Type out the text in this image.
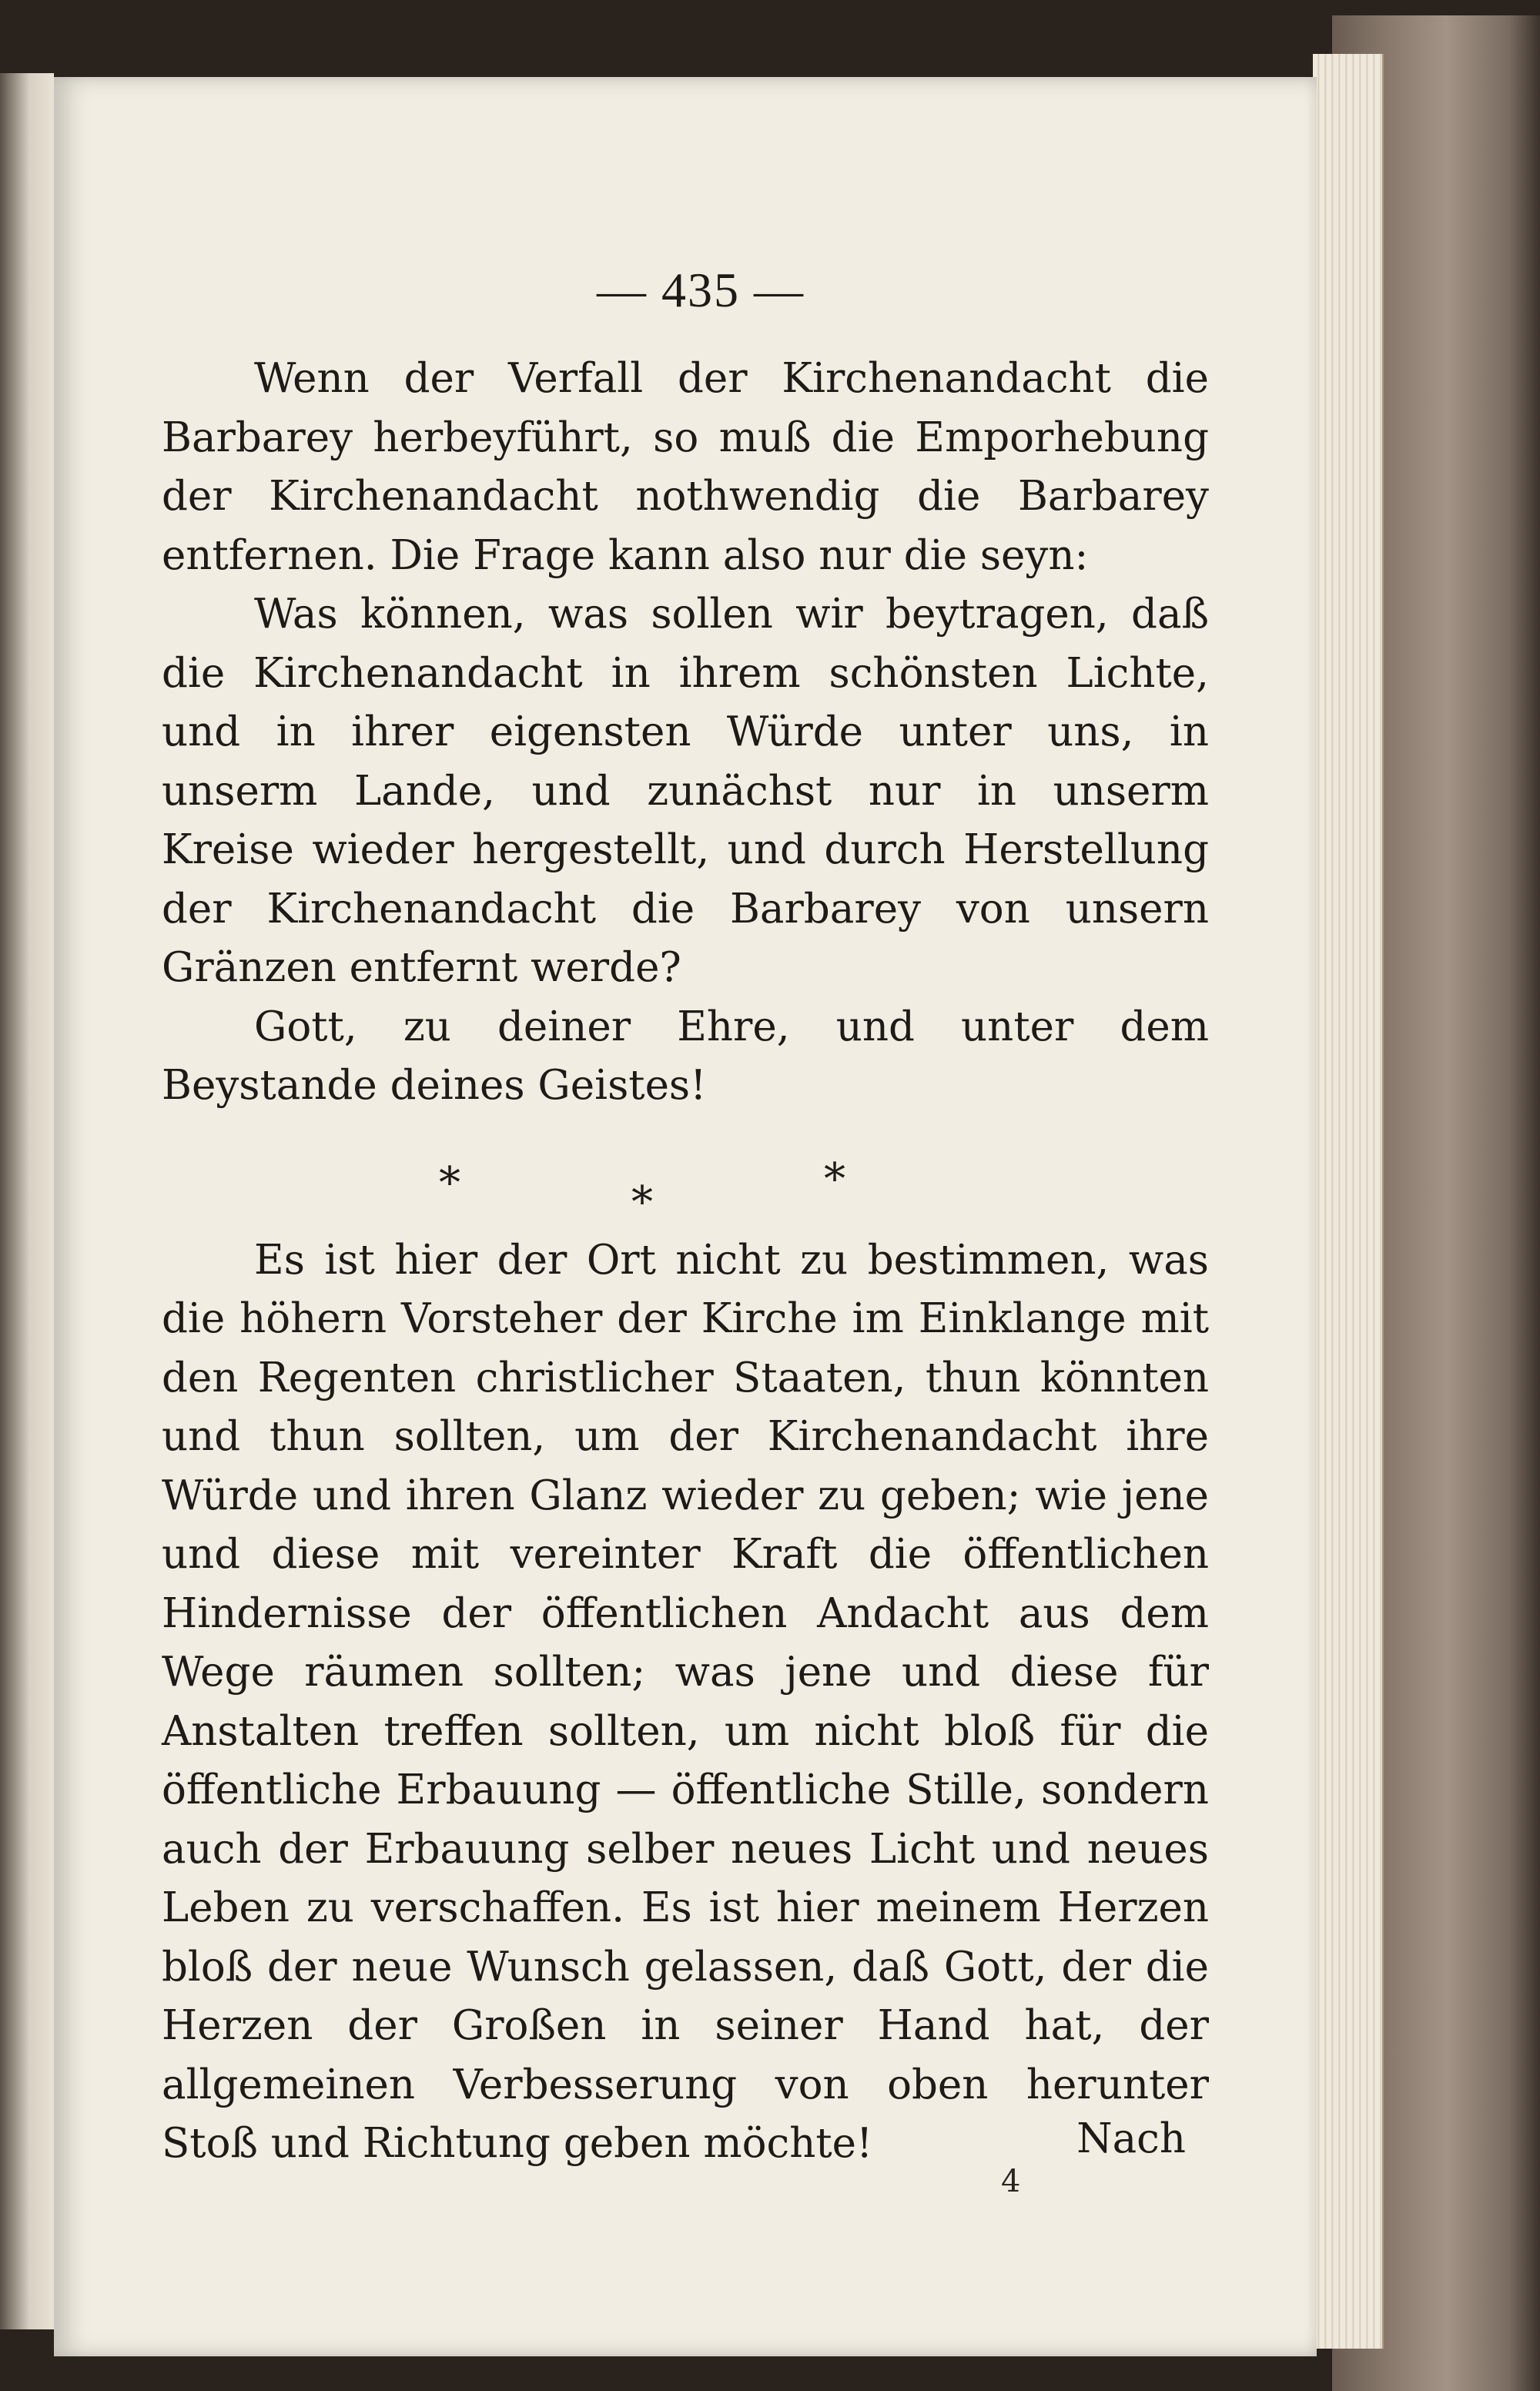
— 435 —

Wenn der Verfall der Kirchenandacht die Barbarey herbeyführt, so muß die Emporhebung der Kirchenandacht nothwendig die Barbarey entfernen. Die Frage kann also nur die seyn:

Was können, was sollen wir beytragen, daß die Kirchenandacht in ihrem schönsten Lichte, und in ihrer eigensten Würde unter uns, in unserm Lande, und zunächst nur in unserm Kreise wieder hergestellt, und durch Herstellung der Kirchenandacht die Barbarey von unsern Gränzen entfernt werde?

Gott, zu deiner Ehre, und unter dem Beystande deines Geistes!

*	*	*

Es ist hier der Ort nicht zu bestimmen, was die höhern Vorsteher der Kirche im Einklange mit den Regenten christlicher Staaten, thun könnten und thun sollten, um der Kirchenandacht ihre Würde und ihren Glanz wieder zu geben; wie jene und diese mit vereinter Kraft die öffentlichen Hindernisse der öffentlichen Andacht aus dem Wege räumen sollten; was jene und diese für Anstalten treffen sollten, um nicht bloß für die öffentliche Erbauung — öffentliche Stille, sondern auch der Erbauung selber neues Licht und neues Leben zu verschaffen. Es ist hier meinem Herzen bloß der neue Wunsch gelassen, daß Gott, der die Herzen der Großen in seiner Hand hat, der allgemeinen Verbesserung von oben herunter Stoß und Richtung geben möchte!	Nach
4
